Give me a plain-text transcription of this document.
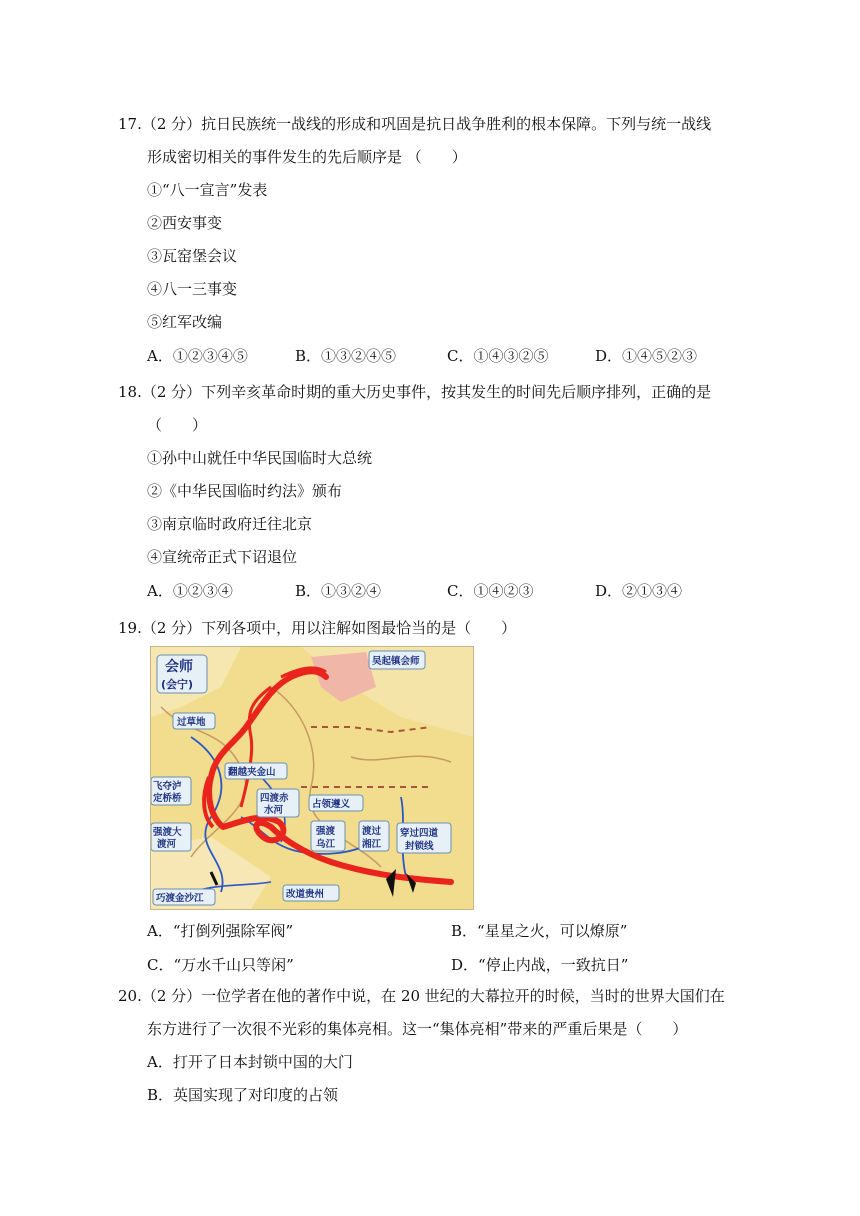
17.（2 分）抗日民族统一战线的形成和巩固是抗日战争胜利的根本保障。下列与统一战线
形成密切相关的事件发生的先后顺序是 （　　）
①“八一宣言”发表
②西安事变
③瓦窑堡会议
④八一三事变
⑤红军改编
A．①②③④⑤	B．①③②④⑤	C．①④③②⑤	D．①④⑤②③
18.（2 分）下列辛亥革命时期的重大历史事件，按其发生的时间先后顺序排列，正确的是
（　　）
①孙中山就任中华民国临时大总统
②《中华民国临时约法》颁布
③南京临时政府迁往北京
④宣统帝正式下诏退位
A．①②③④	B．①③②④	C．①④②③	D．②①③④
19.（2 分）下列各项中，用以注解如图最恰当的是（　　）
会师
(会宁)
吴起镇会师
过草地
翻越夹金山
飞夺泸
定桥桥	四渡赤
水河
占领遵义
强渡大
渡河
强渡
乌江
渡过
湘江
穿过四道
封锁线
改道贵州
巧渡金沙江
A．“打倒列强除军阀”	B．“星星之火，可以燎原”
C．“万水千山只等闲”	D．“停止内战，一致抗日”
20.（2 分）一位学者在他的著作中说，在 20 世纪的大幕拉开的时候，当时的世界大国们在
东方进行了一次很不光彩的集体亮相。这一“集体亮相”带来的严重后果是（　　）
A．打开了日本封锁中国的大门
B．英国实现了对印度的占领
